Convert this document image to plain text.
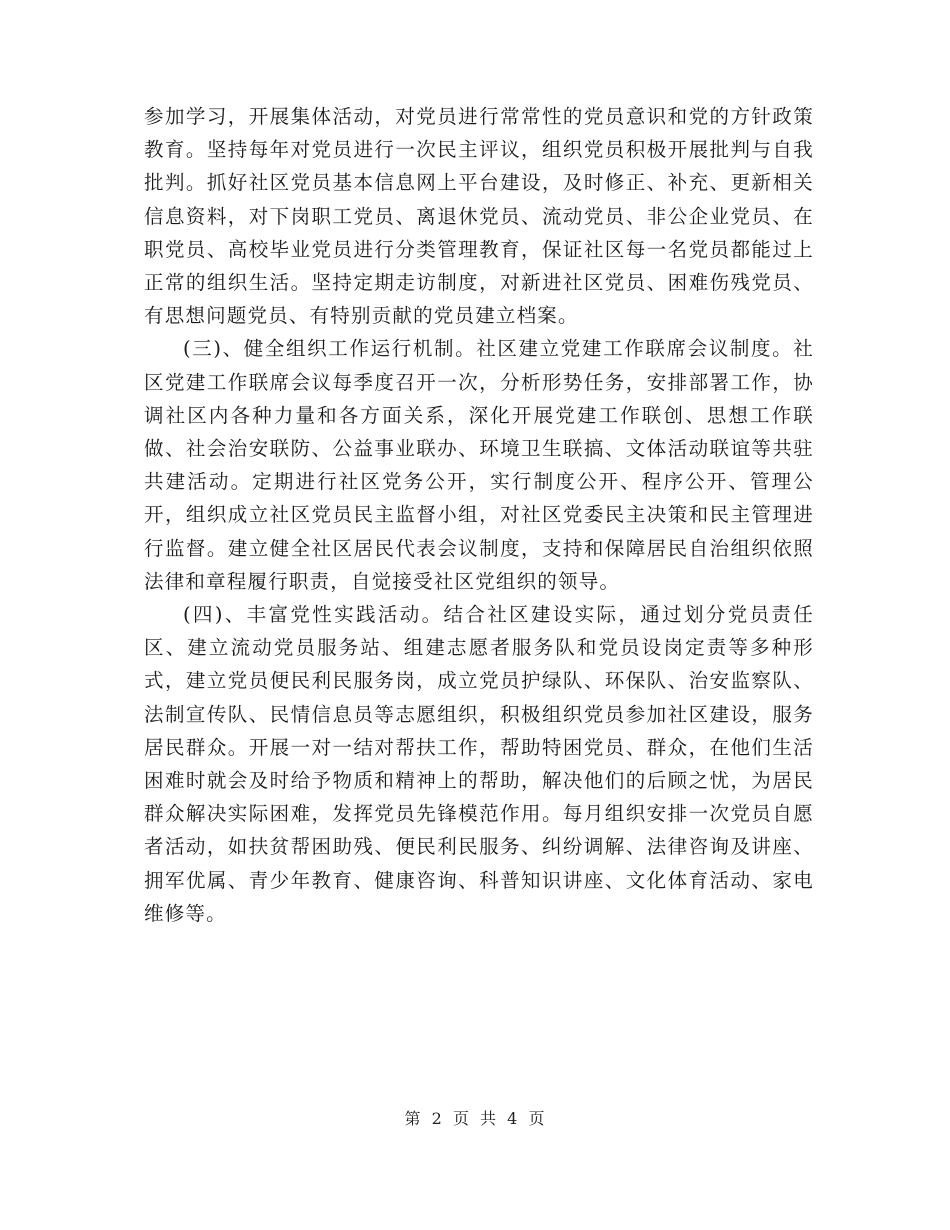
参加学习，开展集体活动，对党员进行常常性的党员意识和党的方针政策教育。坚持每年对党员进行一次民主评议，组织党员积极开展批判与自我批判。抓好社区党员基本信息网上平台建设，及时修正、补充、更新相关信息资料，对下岗职工党员、离退休党员、流动党员、非公企业党员、在职党员、高校毕业党员进行分类管理教育，保证社区每一名党员都能过上正常的组织生活。坚持定期走访制度，对新进社区党员、困难伤残党员、有思想问题党员、有特别贡献的党员建立档案。

(三)、健全组织工作运行机制。社区建立党建工作联席会议制度。社区党建工作联席会议每季度召开一次，分析形势任务，安排部署工作，协调社区内各种力量和各方面关系，深化开展党建工作联创、思想工作联做、社会治安联防、公益事业联办、环境卫生联搞、文体活动联谊等共驻共建活动。定期进行社区党务公开，实行制度公开、程序公开、管理公开，组织成立社区党员民主监督小组，对社区党委民主决策和民主管理进行监督。建立健全社区居民代表会议制度，支持和保障居民自治组织依照法律和章程履行职责，自觉接受社区党组织的领导。

(四)、丰富党性实践活动。结合社区建设实际，通过划分党员责任区、建立流动党员服务站、组建志愿者服务队和党员设岗定责等多种形式，建立党员便民利民服务岗，成立党员护绿队、环保队、治安监察队、法制宣传队、民情信息员等志愿组织，积极组织党员参加社区建设，服务居民群众。开展一对一结对帮扶工作，帮助特困党员、群众，在他们生活困难时就会及时给予物质和精神上的帮助，解决他们的后顾之忧，为居民群众解决实际困难，发挥党员先锋模范作用。每月组织安排一次党员自愿者活动，如扶贫帮困助残、便民利民服务、纠纷调解、法律咨询及讲座、拥军优属、青少年教育、健康咨询、科普知识讲座、文化体育活动、家电维修等。

第 2 页 共 4 页
